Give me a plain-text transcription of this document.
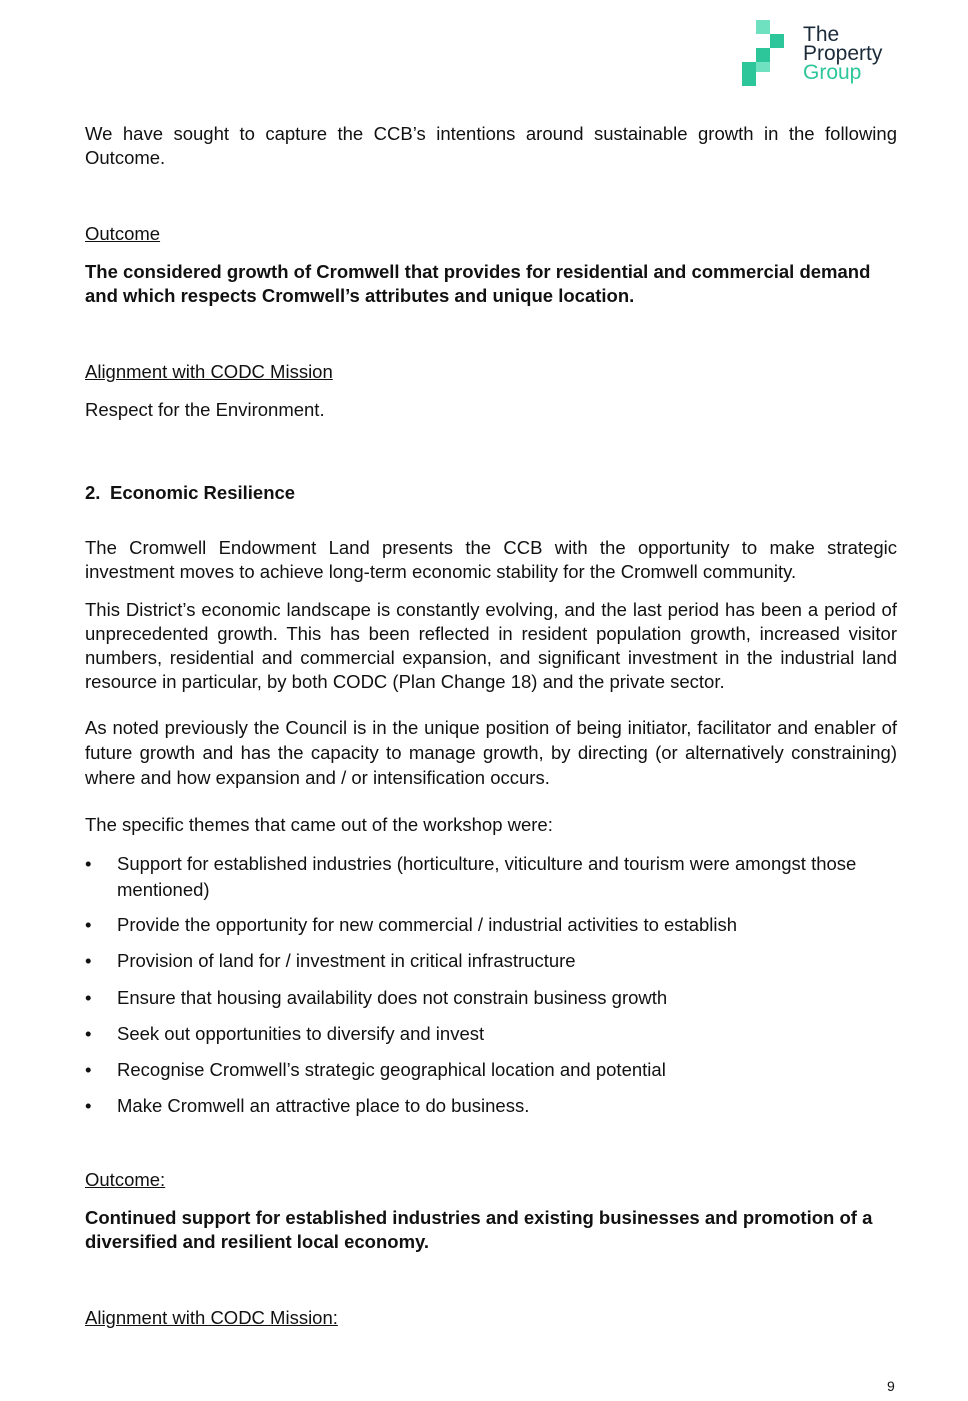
The
Property
Group

We have sought to capture the CCB’s intentions around sustainable growth in the following Outcome.

Outcome

The considered growth of Cromwell that provides for residential and commercial demand and which respects Cromwell’s attributes and unique location.

Alignment with CODC Mission

Respect for the Environment.

2. Economic Resilience

The Cromwell Endowment Land presents the CCB with the opportunity to make strategic investment moves to achieve long-term economic stability for the Cromwell community.

This District’s economic landscape is constantly evolving, and the last period has been a period of unprecedented growth. This has been reflected in resident population growth, increased visitor numbers, residential and commercial expansion, and significant investment in the industrial land resource in particular, by both CODC (Plan Change 18) and the private sector.

As noted previously the Council is in the unique position of being initiator, facilitator and enabler of future growth and has the capacity to manage growth, by directing (or alternatively constraining) where and how expansion and / or intensification occurs.

The specific themes that came out of the workshop were:

•	Support for established industries (horticulture, viticulture and tourism were amongst those mentioned)
•	Provide the opportunity for new commercial / industrial activities to establish
•	Provision of land for / investment in critical infrastructure
•	Ensure that housing availability does not constrain business growth
•	Seek out opportunities to diversify and invest
•	Recognise Cromwell’s strategic geographical location and potential
•	Make Cromwell an attractive place to do business.

Outcome:

Continued support for established industries and existing businesses and promotion of a diversified and resilient local economy.

Alignment with CODC Mission:

9
